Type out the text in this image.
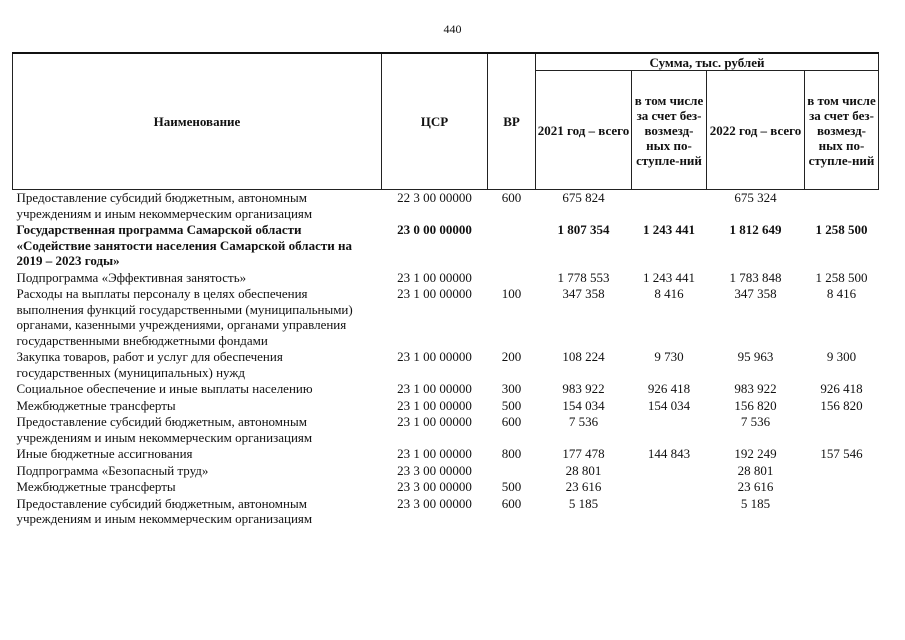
440
Наименование	ЦСР	ВР	Сумма, тыс. рублей			
			2021 год – всего	в том числе за счет без-возмезд-ных по-ступле-ний	2022 год – всего	в том числе за счет без-возмезд-ных по-ступле-ний
Предоставление субсидий бюджетным, автономным учреждениям и иным некоммерческим организациям	22 3 00 00000	600	675 824		675 324	
Государственная программа Самарской области «Содействие занятости населения Самарской области на 2019 – 2023 годы»	23 0 00 00000		1 807 354	1 243 441	1 812 649	1 258 500
Подпрограмма «Эффективная занятость»	23 1 00 00000		1 778 553	1 243 441	1 783 848	1 258 500
Расходы на выплаты персоналу в целях обеспечения выполнения функций государственными (муниципальными) органами, казенными учреждениями, органами управления государственными внебюджетными фондами	23 1 00 00000	100	347 358	8 416	347 358	8 416
Закупка товаров, работ и услуг для обеспечения государственных (муниципальных) нужд	23 1 00 00000	200	108 224	9 730	95 963	9 300
Социальное обеспечение и иные выплаты населению	23 1 00 00000	300	983 922	926 418	983 922	926 418
Межбюджетные трансферты	23 1 00 00000	500	154 034	154 034	156 820	156 820
Предоставление субсидий бюджетным, автономным учреждениям и иным некоммерческим организациям	23 1 00 00000	600	7 536		7 536	
Иные бюджетные ассигнования	23 1 00 00000	800	177 478	144 843	192 249	157 546
Подпрограмма «Безопасный труд»	23 3 00 00000		28 801		28 801	
Межбюджетные трансферты	23 3 00 00000	500	23 616		23 616	
Предоставление субсидий бюджетным, автономным учреждениям и иным некоммерческим организациям	23 3 00 00000	600	5 185		5 185	
